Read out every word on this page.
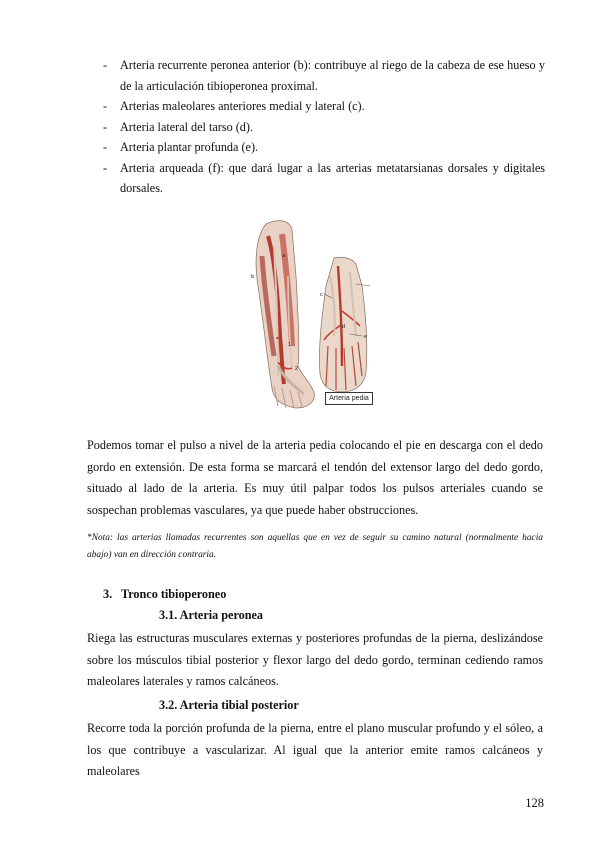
- Arteria recurrente peronea anterior (b): contribuye al riego de la cabeza de ese hueso y de la articulación tibioperonea proximal.
- Arterias maleolares anteriores medial y lateral (c).
- Arteria lateral del tarso (d).
- Arteria plantar profunda (e).
- Arteria arqueada (f): que dará lugar a las arterias metatarsianas dorsales y digitales dorsales.
a
b
1
2
c
d
e
Arteria pedia

Podemos tomar el pulso a nivel de la arteria pedia colocando el pie en descarga con el dedo gordo en extensión. De esta forma se marcará el tendón del extensor largo del dedo gordo, situado al lado de la arteria. Es muy útil palpar todos los pulsos arteriales cuando se sospechan problemas vasculares, ya que puede haber obstrucciones.

*Nota: las arterias llamadas recurrentes son aquellas que en vez de seguir su camino natural (normalmente hacia abajo) van en dirección contraria.

3. Tronco tibioperoneo
3.1. Arteria peronea

Riega las estructuras musculares externas y posteriores profundas de la pierna, deslizándose sobre los músculos tibial posterior y flexor largo del dedo gordo, terminan cediendo ramos maleolares laterales y ramos calcáneos.

3.2. Arteria tibial posterior

Recorre toda la porción profunda de la pierna, entre el plano muscular profundo y el sóleo, a los que contribuye a vascularizar. Al igual que la anterior emite ramos calcáneos y maleolares

128
